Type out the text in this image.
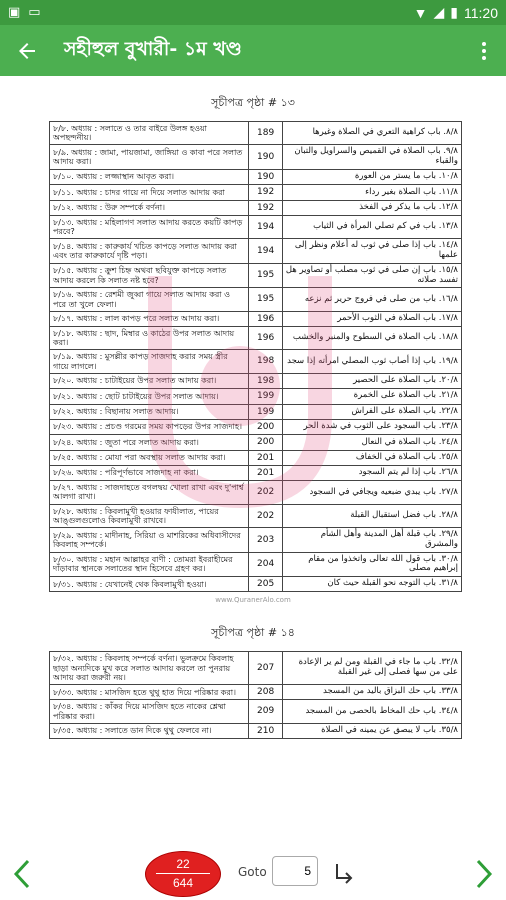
▣ ▭	▼ ◢ ▮ 11:20
সহীহুল বুখারী- ১ম খণ্ড
সূচীপত্র পৃষ্ঠা # ১৩
৮/৮. অধ্যায় : সলাতে ও তার বাইরে উলঙ্গ হওয়া অপছন্দনীয়।	189	٨/٨. باب كراهية التعري في الصلاة وغيرها
৮/৯. অধ্যায় : জামা, পায়জামা, জাঙ্গিয়া ও কাবা পরে সলাত আদায় করা।	190	٩/٨. باب الصلاة في القميص والسراويل والتبان والقباء
৮/১০. অধ্যায় : লজ্জাস্থান আবৃত করা।	190	١٠/٨. باب ما يستر من العورة
৮/১১. অধ্যায় : চাদর গায়ে না দিয়ে সলাত আদায় করা	192	١١/٨. باب الصلاة بغير رداء
৮/১২. অধ্যায় : উরু সম্পর্কে বর্ণনা।	192	١٢/٨. باب ما يذكر في الفخذ
৮/১৩. অধ্যায় : মহিলাগণ সলাত আদায় করতে কয়টি কাপড় পরবে?	194	١٣/٨. باب في كم تصلي المرأة في الثياب
৮/১৪. অধ্যায় : কারুকার্য খচিত কাপড়ে সলাত আদায় করা এবং তার কারুকার্যে দৃষ্টি পড়া।	194	١٤/٨. باب إذا صلى في ثوب له أعلام ونظر إلى علمها
৮/১৫. অধ্যায় : ক্রুশ চিহ্ন অথবা ছবিযুক্ত কাপড়ে সলাত আদায় করলে কি সলাত নষ্ট হবে?	195	١٥/٨. باب إن صلى في ثوب مصلب أو تصاوير هل تفسد صلاته
৮/১৬. অধ্যায় : রেশমী জুব্বা গায়ে সলাত আদায় করা ও পরে তা খুলে ফেলা।	195	١٦/٨. باب من صلى في فروج حرير ثم نزعه
৮/১৭. অধ্যায় : লাল কাপড় পরে সলাত আদায় করা।	196	١٧/٨. باب الصلاة في الثوب الأحمر
৮/১৮. অধ্যায় : ছাদ, মিম্বার ও কাঠের উপর সলাত আদায় করা।	196	١٨/٨. باب الصلاة في السطوح والمنبر والخشب
৮/১৯. অধ্যায় : মুসল্লীর কাপড় সাজদাহ করার সময় স্ত্রীর গায়ে লাগলে।	198	١٩/٨. باب إذا أصاب ثوب المصلي امرأته إذا سجد
৮/২০. অধ্যায় : চাটাইয়ের উপর সলাত আদায় করা।	198	٢٠/٨. باب الصلاة على الحصير
৮/২১. অধ্যায় : ছোট চাটাইয়ের উপর সলাত আদায়।	199	٢١/٨. باب الصلاة على الخمرة
৮/২২. অধ্যায় : বিছানায় সলাত আদায়।	199	٢٢/٨. باب الصلاة على الفراش
৮/২৩. অধ্যায় : প্রচণ্ড গরমের সময় কাপড়ের উপর সাজদাহ।	200	٢٣/٨. باب السجود على الثوب في شدة الحر
৮/২৪. অধ্যায় : জুতা পরে সলাত আদায় করা।	200	٢٤/٨. باب الصلاة في النعال
৮/২৫. অধ্যায় : মোযা পরা অবস্থায় সলাত আদায় করা।	201	٢٥/٨. باب الصلاة في الخفاف
৮/২৬. অধ্যায় : পরিপূর্ণভাবে সাজদাহ না করা।	201	٢٦/٨. باب إذا لم يتم السجود
৮/২৭. অধ্যায় : সাজদাহতে বগলদ্বয় খোলা রাখা এবং দু'পার্শ্ব আলগা রাখা।	202	٢٧/٨. باب يبدي ضبعيه ويجافي في السجود
৮/২৮. অধ্যায় : কিবলামুখী হওয়ার ফাযীলাত, পায়ের আঙ্গুলগুলোও কিবলামুখী রাখবে।	202	٢٨/٨. باب فضل استقبال القبلة
৮/২৯. অধ্যায় : মাদীনাহ, সিরিয়া ও মাশরিকের অধিবাসীদের কিবলাহ সম্পর্কে।	203	٢٩/٨. باب قبلة أهل المدينة وأهل الشأم والمشرق
৮/৩০. অধ্যায় : মহান আল্লাহর বাণী : তোমরা ইবরাহীমের দাঁড়াবার স্থানকে সলাতের স্থান হিসেবে গ্রহণ কর।	204	٣٠/٨. باب قول الله تعالى واتخذوا من مقام إبراهيم مصلى
৮/৩১. অধ্যায় : যেখানেই থেক কিবলামুখী হওয়া।	205	٣١/٨. باب التوجه نحو القبلة حيث كان
www.QuranerAlo.com
সূচীপত্র পৃষ্ঠা # ১৪
৮/৩২. অধ্যায় : কিবলাহ সম্পর্কে বর্ণনা। ভুলক্রমে কিবলাহ ছাড়া অন্যদিকে মুখ করে সলাত আদায় করলে তা পুনরায় আদায় করা জরুরী নয়।	207	٣٢/٨. باب ما جاء في القبلة ومن لم ير الإعادة على من سها فصلى إلى غير القبلة
৮/৩৩. অধ্যায় : মাসজিদ হতে থুথু হাত দিয়ে পরিষ্কার করা।	208	٣٣/٨. باب حك البزاق باليد من المسجد
৮/৩৪. অধ্যায় : কাঁকর দিয়ে মাসজিদ হতে নাকের শ্লেষ্মা পরিষ্কার করা।	209	٣٤/٨. باب حك المخاط بالحصى من المسجد
৮/৩৫. অধ্যায় : সলাতে ডান দিকে থুথু ফেলবে না।	210	٣٥/٨. باب لا يبصق عن يمينه في الصلاة
22
644
Goto
5
